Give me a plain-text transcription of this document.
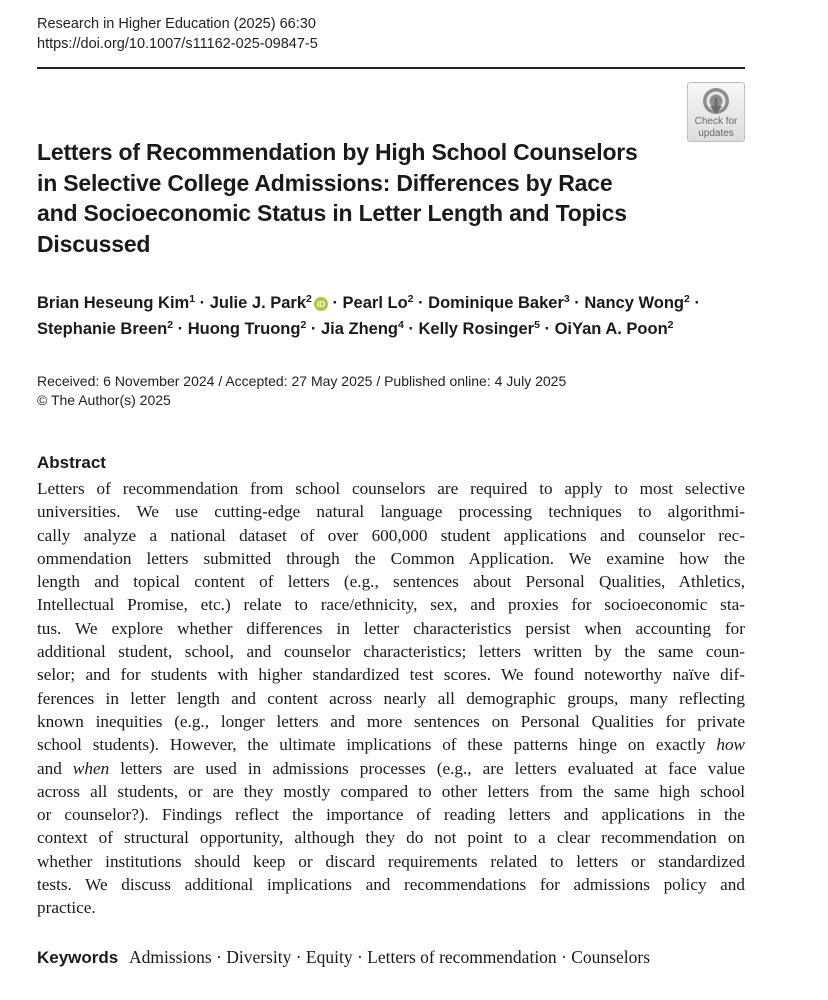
Research in Higher Education (2025) 66:30
https://doi.org/10.1007/s11162-025-09847-5
Check for
updates
Letters of Recommendation by High School Counselors
in Selective College Admissions: Differences by Race
and Socioeconomic Status in Letter Length and Topics
Discussed
Brian Heseung Kim$^1$ · Julie J. Park$^2$ iD · Pearl $Lo^2$ · Dominique Baker$^3$ · Nancy Wong$^2$ ·
Stephanie Breen$^2$ · Huong Truong$^2$ · Jia Zheng$^4$ · Kelly Rosinger$^5$ · OiYan A. Poon$^2$
Received: 6 November 2024 / Accepted: 27 May 2025 / Published online: 4 July 2025
© The Author(s) 2025
Abstract
Letters of recommendation from school counselors are required to apply to most selective
universities. We use cutting-edge natural language processing techniques to algorithmi-
cally analyze a national dataset of over 600,000 student applications and counselor rec-
ommendation letters submitted through the Common Application. We examine how the
length and topical content of letters (e.g., sentences about Personal Qualities, Athletics,
Intellectual Promise, etc.) relate to race/ethnicity, sex, and proxies for socioeconomic sta-
tus. We explore whether differences in letter characteristics persist when accounting for
additional student, school, and counselor characteristics; letters written by the same coun-
selor; and for students with higher standardized test scores. We found noteworthy naïve dif-
ferences in letter length and content across nearly all demographic groups, many reflecting
known inequities (e.g., longer letters and more sentences on Personal Qualities for private
school students). However, the ultimate implications of these patterns hinge on exactly how
and when letters are used in admissions processes (e.g., are letters evaluated at face value
across all students, or are they mostly compared to other letters from the same high school
or counselor?). Findings reflect the importance of reading letters and applications in the
context of structural opportunity, although they do not point to a clear recommendation on
whether institutions should keep or discard requirements related to letters or standardized
tests. We discuss additional implications and recommendations for admissions policy and
practice.
Keywords Admissions · Diversity · Equity · Letters of recommendation · Counselors
